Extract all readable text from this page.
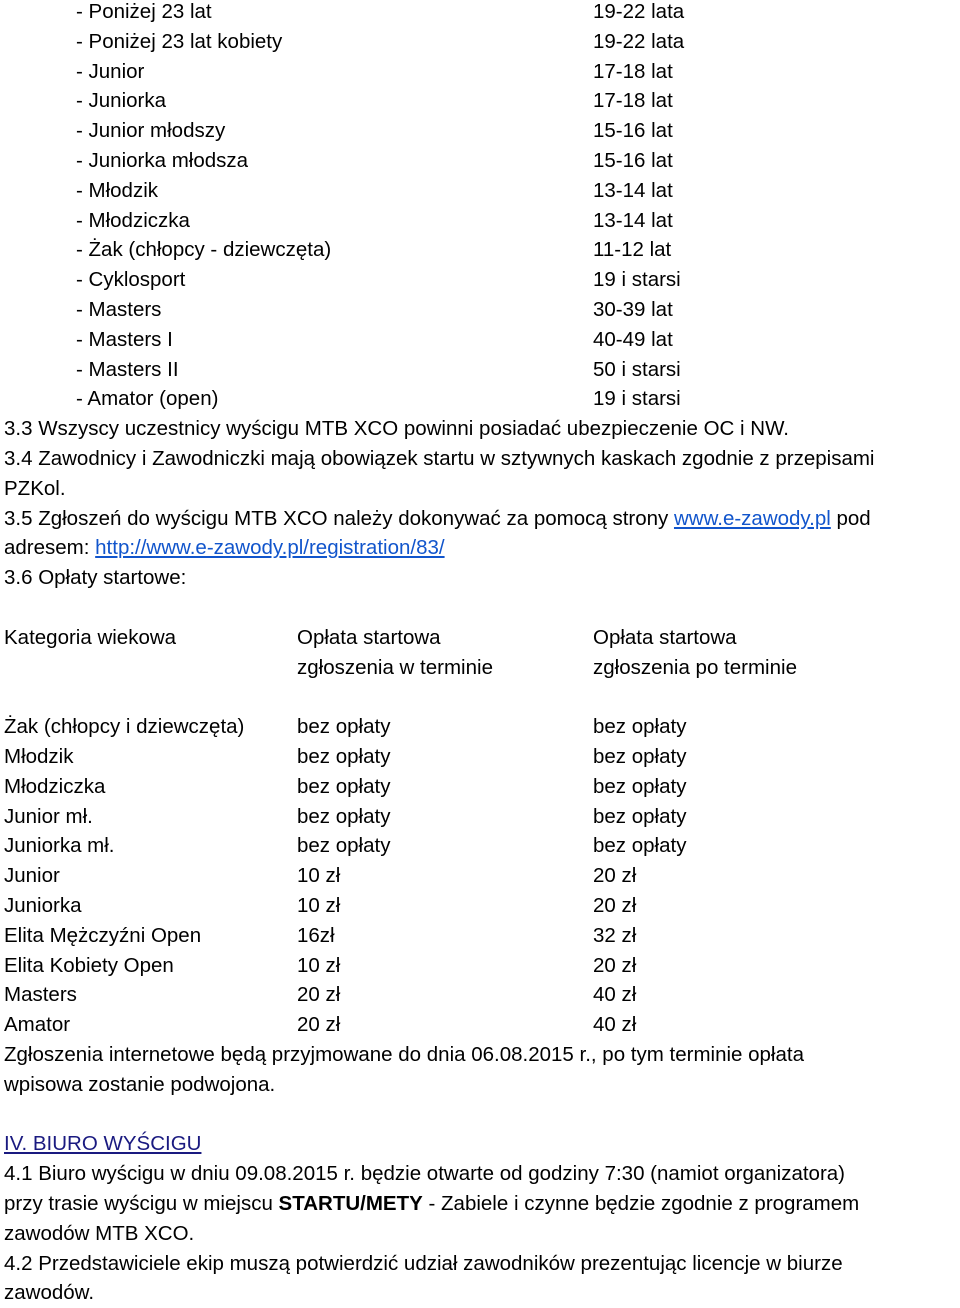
- Poniżej 23 lat	19-22 lata
- Poniżej 23 lat kobiety	19-22 lata
- Junior	17-18 lat
- Juniorka	17-18 lat
- Junior młodszy	15-16 lat
- Juniorka młodsza	15-16 lat
- Młodzik	13-14 lat
- Młodziczka	13-14 lat
- Żak (chłopcy - dziewczęta)	11-12 lat
- Cyklosport	19 i starsi
- Masters	30-39 lat
- Masters I	40-49 lat
- Masters II	50 i starsi
- Amator (open)	19 i starsi
3.3 Wszyscy uczestnicy wyścigu MTB XCO powinni posiadać ubezpieczenie OC i NW.
3.4 Zawodnicy i Zawodniczki mają obowiązek startu w sztywnych kaskach zgodnie z przepisami
PZKol.
3.5 Zgłoszeń do wyścigu MTB XCO należy dokonywać za pomocą strony www.e-zawody.pl pod
adresem: http://www.e-zawody.pl/registration/83/
3.6 Opłaty startowe:
Kategoria wiekowa	Opłata startowa	Opłata startowa
zgłoszenia w terminie	zgłoszenia po terminie
Żak (chłopcy i dziewczęta)	bez opłaty	bez opłaty
Młodzik	bez opłaty	bez opłaty
Młodziczka	bez opłaty	bez opłaty
Junior mł.	bez opłaty	bez opłaty
Juniorka mł.	bez opłaty	bez opłaty
Junior	10 zł	20 zł
Juniorka	10 zł	20 zł
Elita Mężczyźni Open	16zł	32 zł
Elita Kobiety Open	10 zł	20 zł
Masters	20 zł	40 zł
Amator	20 zł	40 zł
Zgłoszenia internetowe będą przyjmowane do dnia 06.08.2015 r., po tym terminie opłata
wpisowa zostanie podwojona.
IV. BIURO WYŚCIGU
4.1 Biuro wyścigu w dniu 09.08.2015 r. będzie otwarte od godziny 7:30 (namiot organizatora)
przy trasie wyścigu w miejscu STARTU/METY - Zabiele i czynne będzie zgodnie z programem
zawodów MTB XCO.
4.2 Przedstawiciele ekip muszą potwierdzić udział zawodników prezentując licencje w biurze
zawodów.
